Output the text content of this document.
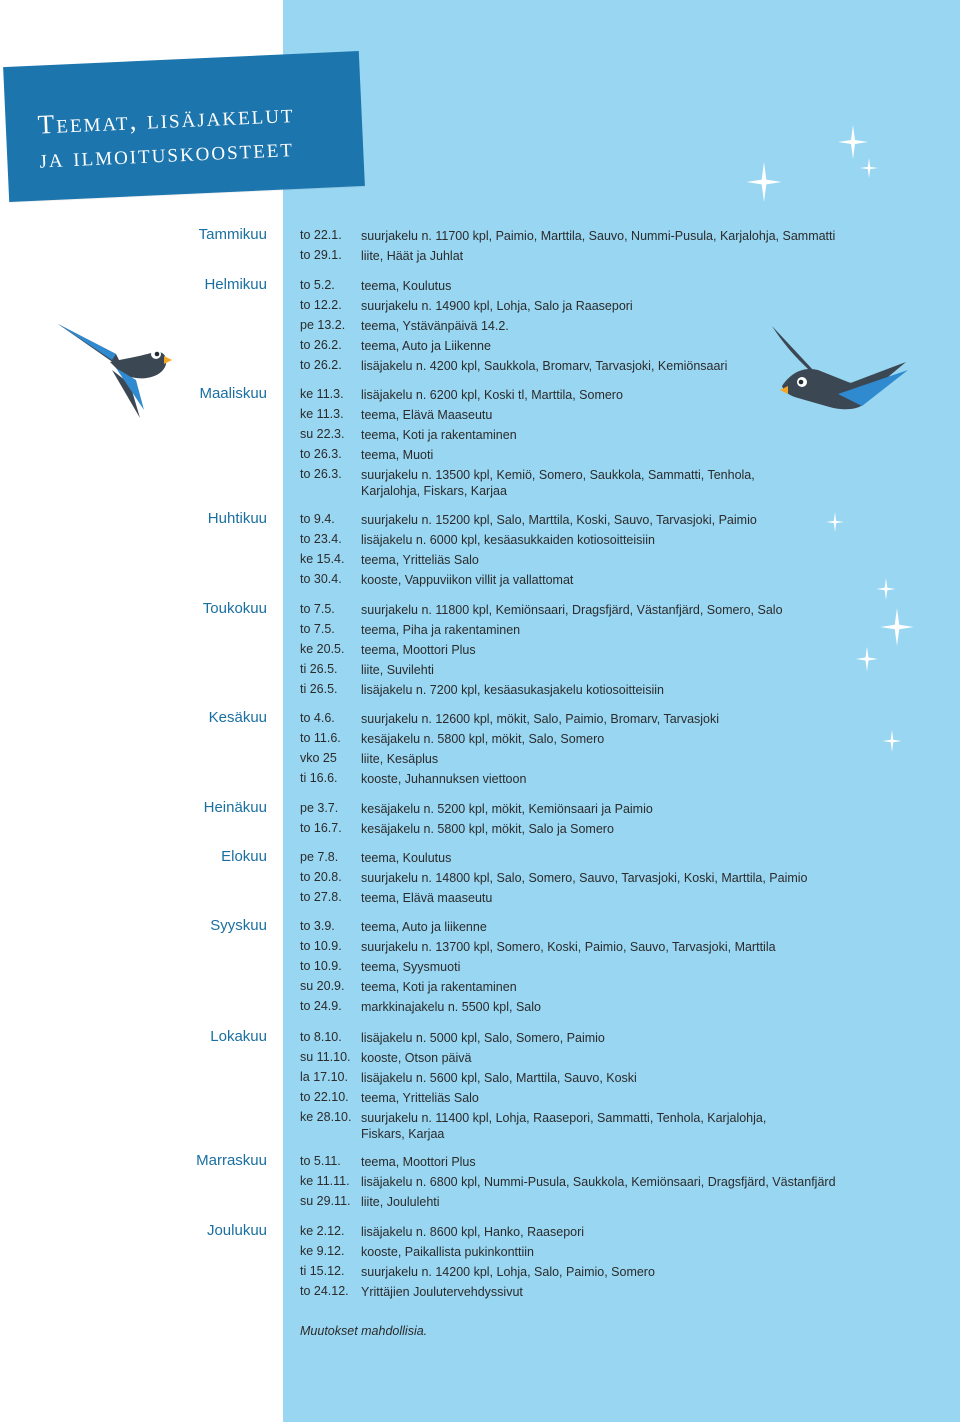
Teemat, lisäjakelut
ja ilmoituskoosteet
Tammikuu	to 22.1. suurjakelu n. 11700 kpl, Paimio, Marttila, Sauvo, Nummi-Pusula, Karjalohja, Sammatti
to 29.1. liite, Häät ja Juhlat
Helmikuu	to 5.2. teema, Koulutus
to 12.2. suurjakelu n. 14900 kpl, Lohja, Salo ja Raasepori
pe 13.2. teema, Ystävänpäivä 14.2.
to 26.2. teema, Auto ja Liikenne
to 26.2. lisäjakelu n. 4200 kpl, Saukkola, Bromarv, Tarvasjoki, Kemiönsaari
Maaliskuu	ke 11.3. lisäjakelu n. 6200 kpl, Koski tl, Marttila, Somero
ke 11.3. teema, Elävä Maaseutu
su 22.3. teema, Koti ja rakentaminen
to 26.3. teema, Muoti
to 26.3. suurjakelu n. 13500 kpl, Kemiö, Somero, Saukkola, Sammatti, Tenhola, Karjalohja, Fiskars, Karjaa
Huhtikuu	to 9.4. suurjakelu n. 15200 kpl, Salo, Marttila, Koski, Sauvo, Tarvasjoki, Paimio
to 23.4. lisäjakelu n. 6000 kpl, kesäasukkaiden kotiosoitteisiin
ke 15.4. teema, Yritteliäs Salo
to 30.4. kooste, Vappuviikon villit ja vallattomat
Toukokuu	to 7.5. suurjakelu n. 11800 kpl, Kemiönsaari, Dragsfjärd, Västanfjärd, Somero, Salo
to 7.5. teema, Piha ja rakentaminen
ke 20.5. teema, Moottori Plus
ti 26.5. liite, Suvilehti
ti 26.5. lisäjakelu n. 7200 kpl, kesäasukasjakelu kotiosoitteisiin
Kesäkuu	to 4.6. suurjakelu n. 12600 kpl, mökit, Salo, Paimio, Bromarv, Tarvasjoki
to 11.6. kesäjakelu n. 5800 kpl, mökit, Salo, Somero
vko 25 liite, Kesäplus
ti 16.6. kooste, Juhannuksen viettoon
Heinäkuu	pe 3.7. kesäjakelu n. 5200 kpl, mökit, Kemiönsaari ja Paimio
to 16.7. kesäjakelu n. 5800 kpl, mökit, Salo ja Somero
Elokuu	pe 7.8. teema, Koulutus
to 20.8. suurjakelu n. 14800 kpl, Salo, Somero, Sauvo, Tarvasjoki, Koski, Marttila, Paimio
to 27.8. teema, Elävä maaseutu
Syyskuu	to 3.9. teema, Auto ja liikenne
to 10.9. suurjakelu n. 13700 kpl, Somero, Koski, Paimio, Sauvo, Tarvasjoki, Marttila
to 10.9. teema, Syysmuoti
su 20.9. teema, Koti ja rakentaminen
to 24.9. markkinajakelu n. 5500 kpl, Salo
Lokakuu	to 8.10. lisäjakelu n. 5000 kpl, Salo, Somero, Paimio
su 11.10. kooste, Otson päivä
la 17.10. lisäjakelu n. 5600 kpl, Salo, Marttila, Sauvo, Koski
to 22.10. teema, Yritteliäs Salo
ke 28.10. suurjakelu n. 11400 kpl, Lohja, Raasepori, Sammatti, Tenhola, Karjalohja, Fiskars, Karjaa
Marraskuu	to 5.11. teema, Moottori Plus
ke 11.11. lisäjakelu n. 6800 kpl, Nummi-Pusula, Saukkola, Kemiönsaari, Dragsfjärd, Västanfjärd
su 29.11. liite, Joululehti
Joulukuu	ke 2.12. lisäjakelu n. 8600 kpl, Hanko, Raasepori
ke 9.12. kooste, Paikallista pukinkonttiin
ti 15.12. suurjakelu n. 14200 kpl, Lohja, Salo, Paimio, Somero
to 24.12. Yrittäjien Joulutervehdyssivut
Muutokset mahdollisia.
